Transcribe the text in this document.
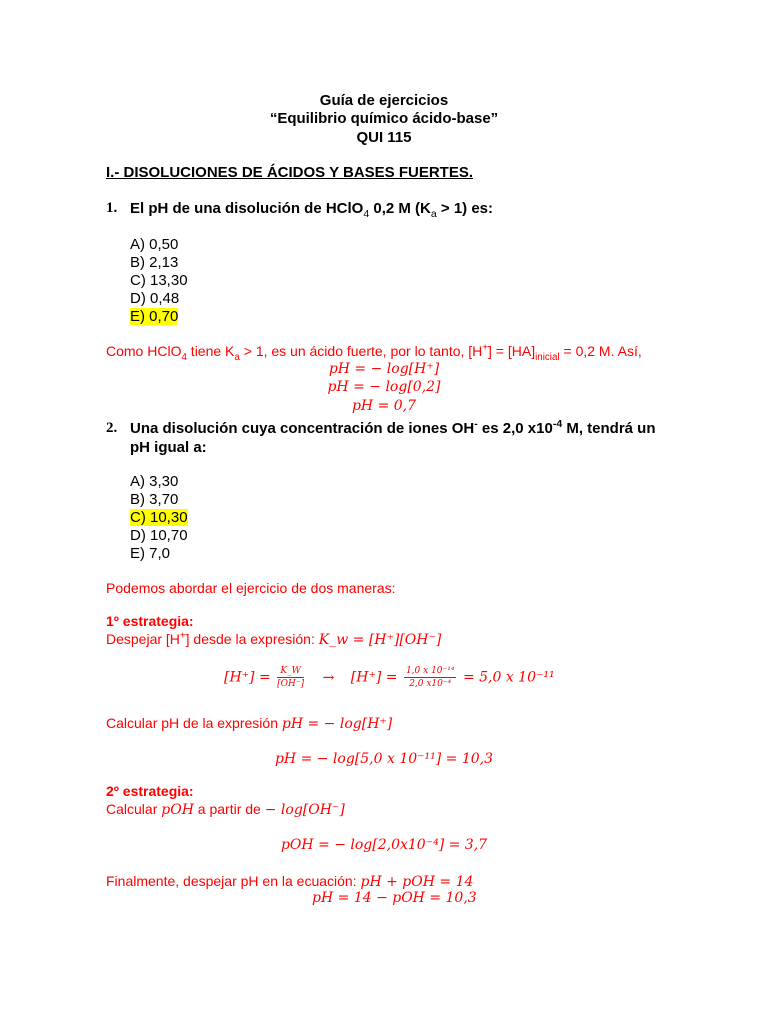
Guía de ejercicios
“Equilibrio químico ácido-base”
QUI 115
I.- DISOLUCIONES DE ÁCIDOS Y BASES FUERTES.
1. El pH de una disolución de HClO$_4$ 0,2 M $(K_a > 1)$ es:
A) 0,50
B) 2,13
C) 13,30
D) 0,48
E) 0,70
Como HClO$_4$ tiene $K_a > 1$, es un ácido fuerte, por lo tanto, $[H^+] = [HA]_{inicial} = 0,2$ M. Así,
pH = − log[H⁺]
pH = − log[0,2]
pH = 0,7
2. Una disolución cuya concentración de iones OH- es 2,0 $x10^{-4}$ M, tendrá un
pH igual a:
A) 3,30
B) 3,70
C) 10,30
D) 10,70
E) 7,0
Podemos abordar el ejercicio de dos maneras:
1º estrategia:
Despejar [H+] desde la expresión: K_w = [H⁺][OH⁻]
$[H^+] = \frac{K\_W}{[OH^-]} \to [H^+] = \frac{\text{1,0 x 10⁻¹⁴}}{\text{2,0 x10⁻⁴}} = 5,0$ x 10⁻¹¹
Calcular pH de la expresión pH = − log[H⁺]
pH = − log[5,0 x 10⁻¹¹] = 10,3
2º estrategia:
Calcular pOH a partir de − log[OH⁻]
pOH = − log[2,0x10⁻⁴] = 3,7
Finalmente, despejar pH en la ecuación: pH + pOH = 14
pH = 14 − pOH = 10,3
